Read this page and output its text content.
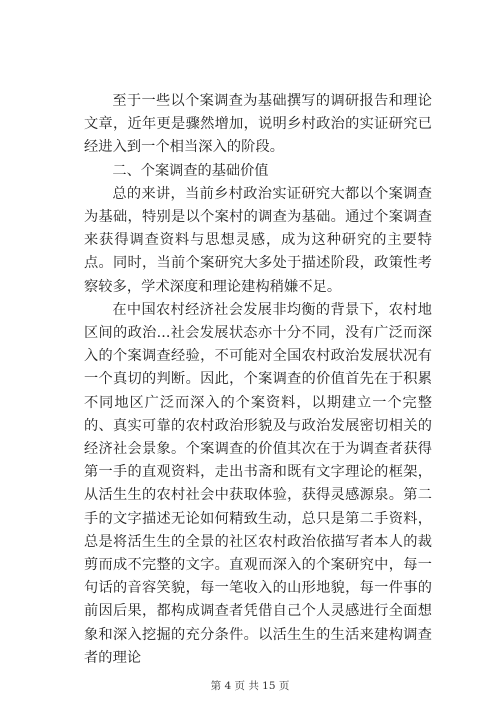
至于一些以个案调查为基础撰写的调研报告和理论文章，近年更是骤然增加，说明乡村政治的实证研究已经进入到一个相当深入的阶段。

二、个案调查的基础价值

总的来讲，当前乡村政治实证研究大都以个案调查为基础，特别是以个案村的调查为基础。通过个案调查来获得调查资料与思想灵感，成为这种研究的主要特点。同时，当前个案研究大多处于描述阶段，政策性考察较多，学术深度和理论建构稍嫌不足。

在中国农村经济社会发展非均衡的背景下，农村地区间的政治...社会发展状态亦十分不同，没有广泛而深入的个案调查经验，不可能对全国农村政治发展状况有一个真切的判断。因此，个案调查的价值首先在于积累不同地区广泛而深入的个案资料，以期建立一个完整的、真实可靠的农村政治形貌及与政治发展密切相关的经济社会景象。个案调查的价值其次在于为调查者获得第一手的直观资料，走出书斋和既有文字理论的框架，从活生生的农村社会中获取体验，获得灵感源泉。第二手的文字描述无论如何精致生动，总只是第二手资料，总是将活生生的全景的社区农村政治依描写者本人的裁剪而成不完整的文字。直观而深入的个案研究中，每一句话的音容笑貌，每一笔收入的山形地貌，每一件事的前因后果，都构成调查者凭借自己个人灵感进行全面想象和深入挖掘的充分条件。以活生生的生活来建构调查者的理论

第 4 页 共 15 页
